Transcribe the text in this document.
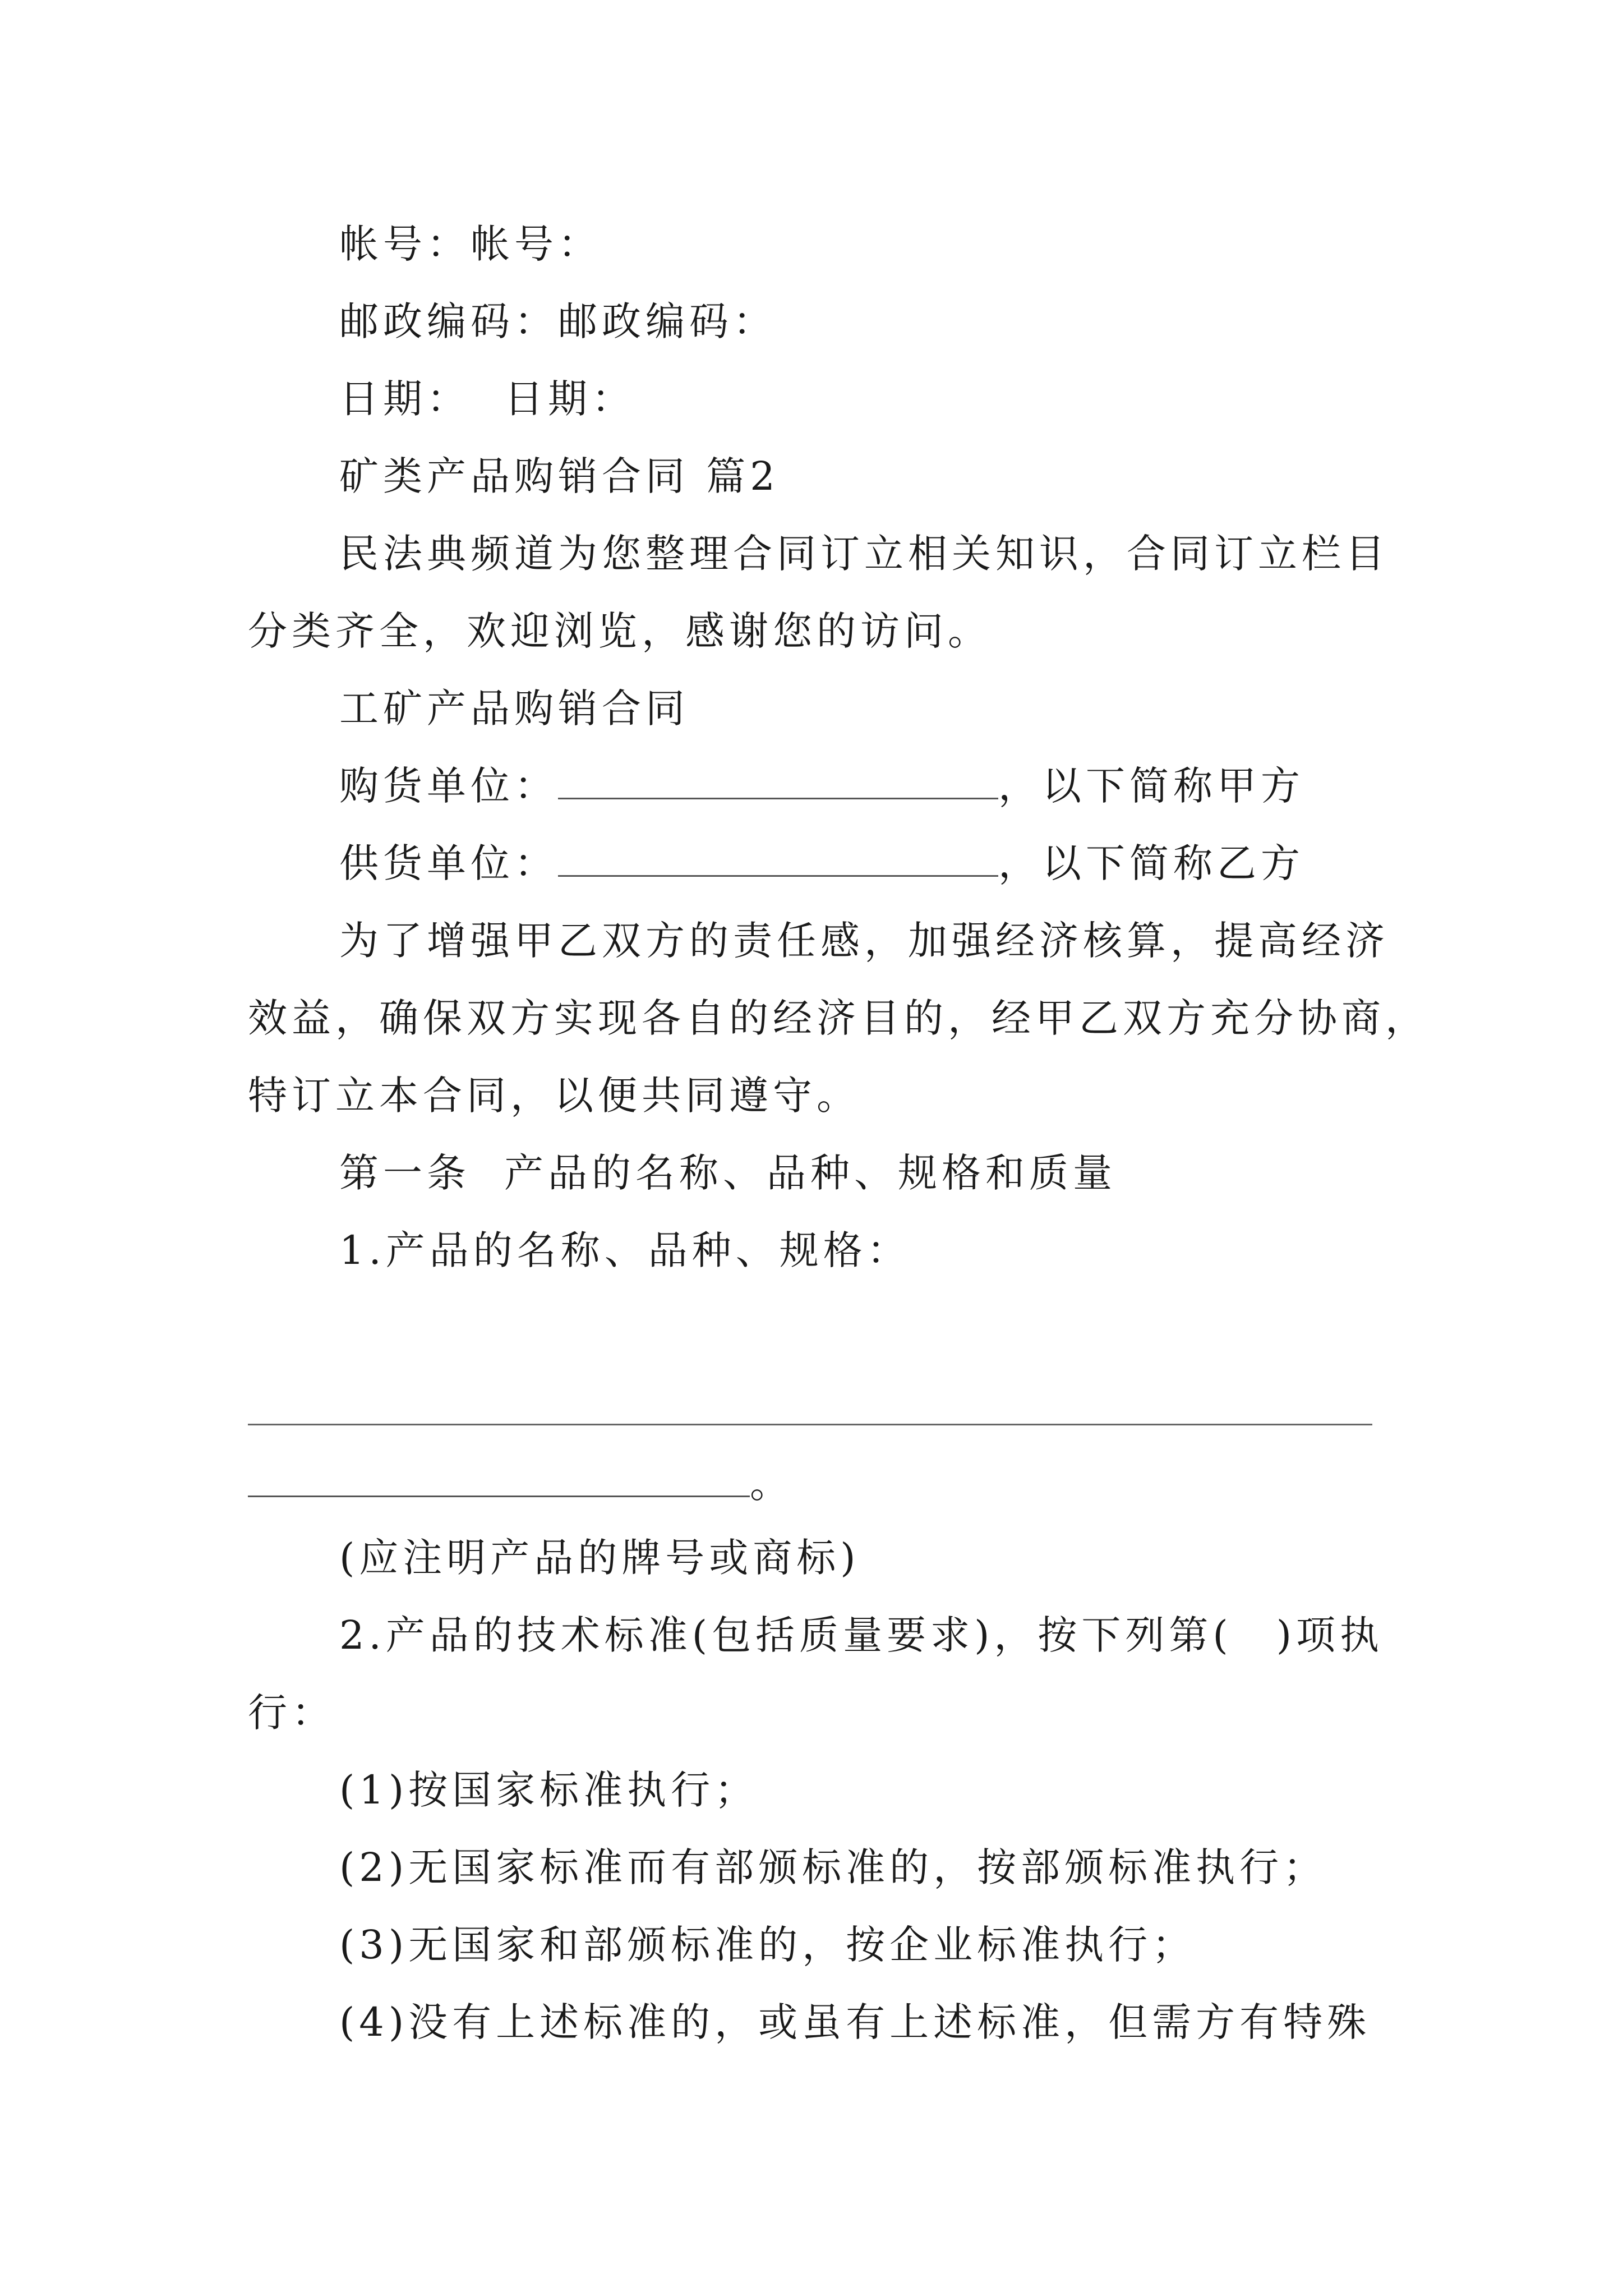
帐号：帐号：
邮政编码：邮政编码：
日期： 日期：
矿类产品购销合同 篇2
民法典频道为您整理合同订立相关知识，合同订立栏目
分类齐全，欢迎浏览，感谢您的访问。
工矿产品购销合同
购货单位：	，以下简称甲方
供货单位：	，以下简称乙方
为了增强甲乙双方的责任感，加强经济核算，提高经济
效益，确保双方实现各自的经济目的，经甲乙双方充分协商，
特订立本合同，以便共同遵守。
第一条 产品的名称、品种、规格和质量
1.产品的名称、品种、规格：
。
(应注明产品的牌号或商标)
2.产品的技术标准(包括质量要求)，按下列第(　)项执
行：
(1)按国家标准执行；
(2)无国家标准而有部颁标准的，按部颁标准执行；
(3)无国家和部颁标准的，按企业标准执行；
(4)没有上述标准的，或虽有上述标准，但需方有特殊
